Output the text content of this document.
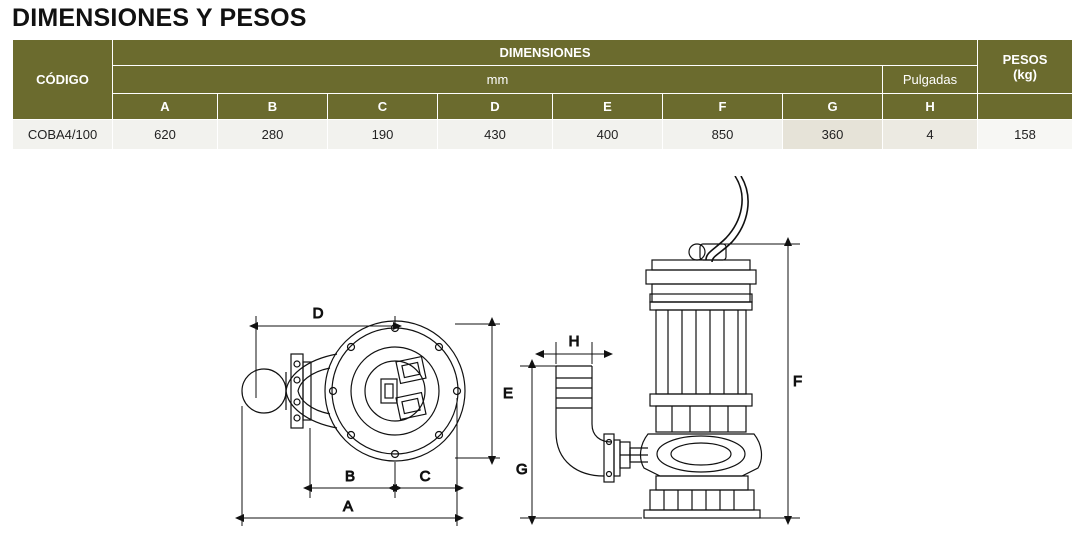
DIMENSIONES Y PESOS
CÓDIGO	DIMENSIONES								PESOS
(kg)

	mm							Pulgadas	
	A	B	C	D	E	F	G	H	
COBA4/100	620	280	190	430	400	850	360	4	158
D
E
B	C
A
H
G
F
